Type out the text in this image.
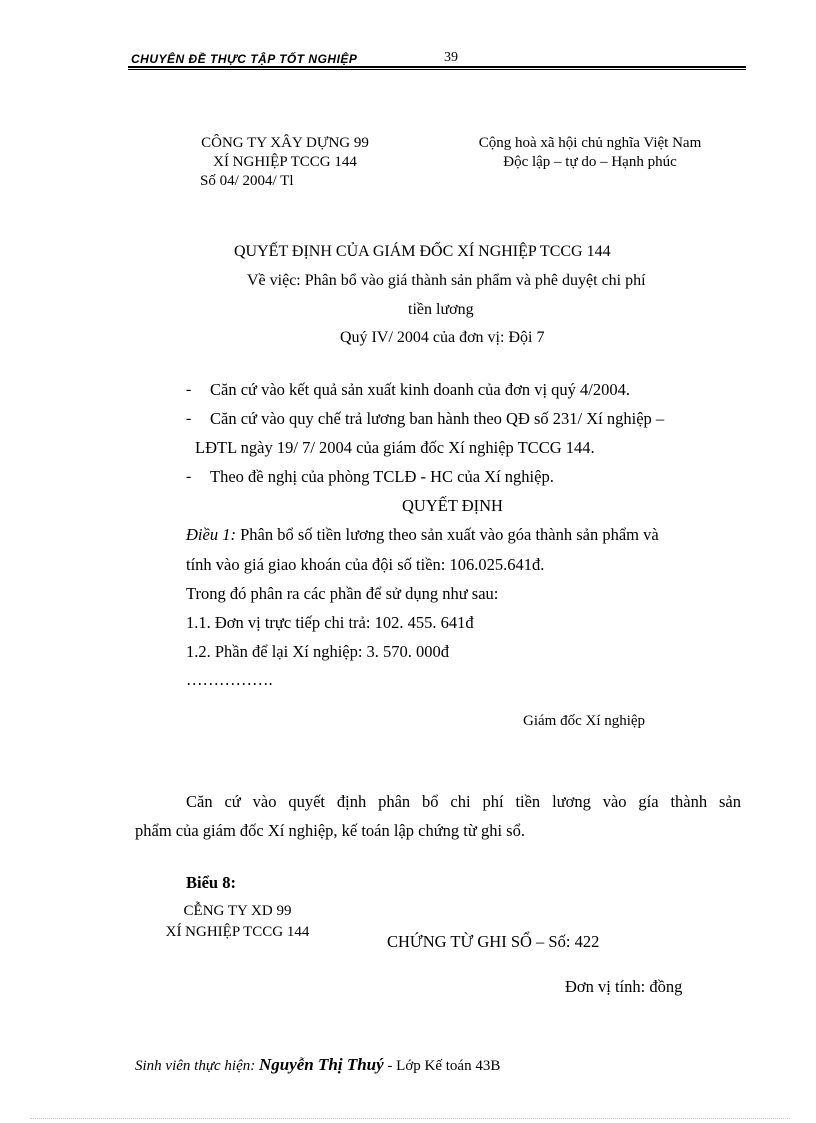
CHUYÊN ĐỀ THỰC TẬP TỐT NGHIỆP	39
CÔNG TY XÂY DỰNG 99
XÍ NGHIỆP TCCG 144
Số 04/ 2004/ Tl
Cộng hoà xã hội chủ nghĩa Việt Nam
Độc lập – tự do – Hạnh phúc
QUYẾT ĐỊNH CỦA GIÁM ĐỐC XÍ NGHIỆP TCCG 144
Về việc: Phân bổ vào giá thành sản phẩm và phê duyệt chi phí
tiền lương
Quý IV/ 2004 của đơn vị: Đội 7
- Căn cứ vào kết quả sản xuất kinh doanh của đơn vị quý 4/2004.
- Căn cứ vào quy chế trả lương ban hành theo QĐ số 231/ Xí nghiệp –
LĐTL ngày 19/ 7/ 2004 của giám đốc Xí nghiệp TCCG 144.
- Theo đề nghị của phòng TCLĐ - HC của Xí nghiệp.
QUYẾT ĐỊNH
Điều 1: Phân bổ số tiền lương theo sản xuất vào góa thành sản phẩm và
tính vào giá giao khoán của đội số tiền: 106.025.641đ.
Trong đó phân ra các phần để sử dụng như sau:
1.1. Đơn vị trực tiếp chi trả: 102. 455. 641đ
1.2. Phần để lại Xí nghiệp: 3. 570. 000đ
…………….
Giám đốc Xí nghiệp
Căn cứ vào quyết định phân bổ chi phí tiền lương vào gía thành sản
phẩm của giám đốc Xí nghiệp, kế toán lập chứng từ ghi sổ.
Biểu 8:
CỄNG TY XD 99
XÍ NGHIỆP TCCG 144	CHỨNG TỪ GHI SỔ – Số: 422
Đơn vị tính: đồng
Sinh viên thực hiện: Nguyễn Thị Thuý - Lớp Kế toán 43B
